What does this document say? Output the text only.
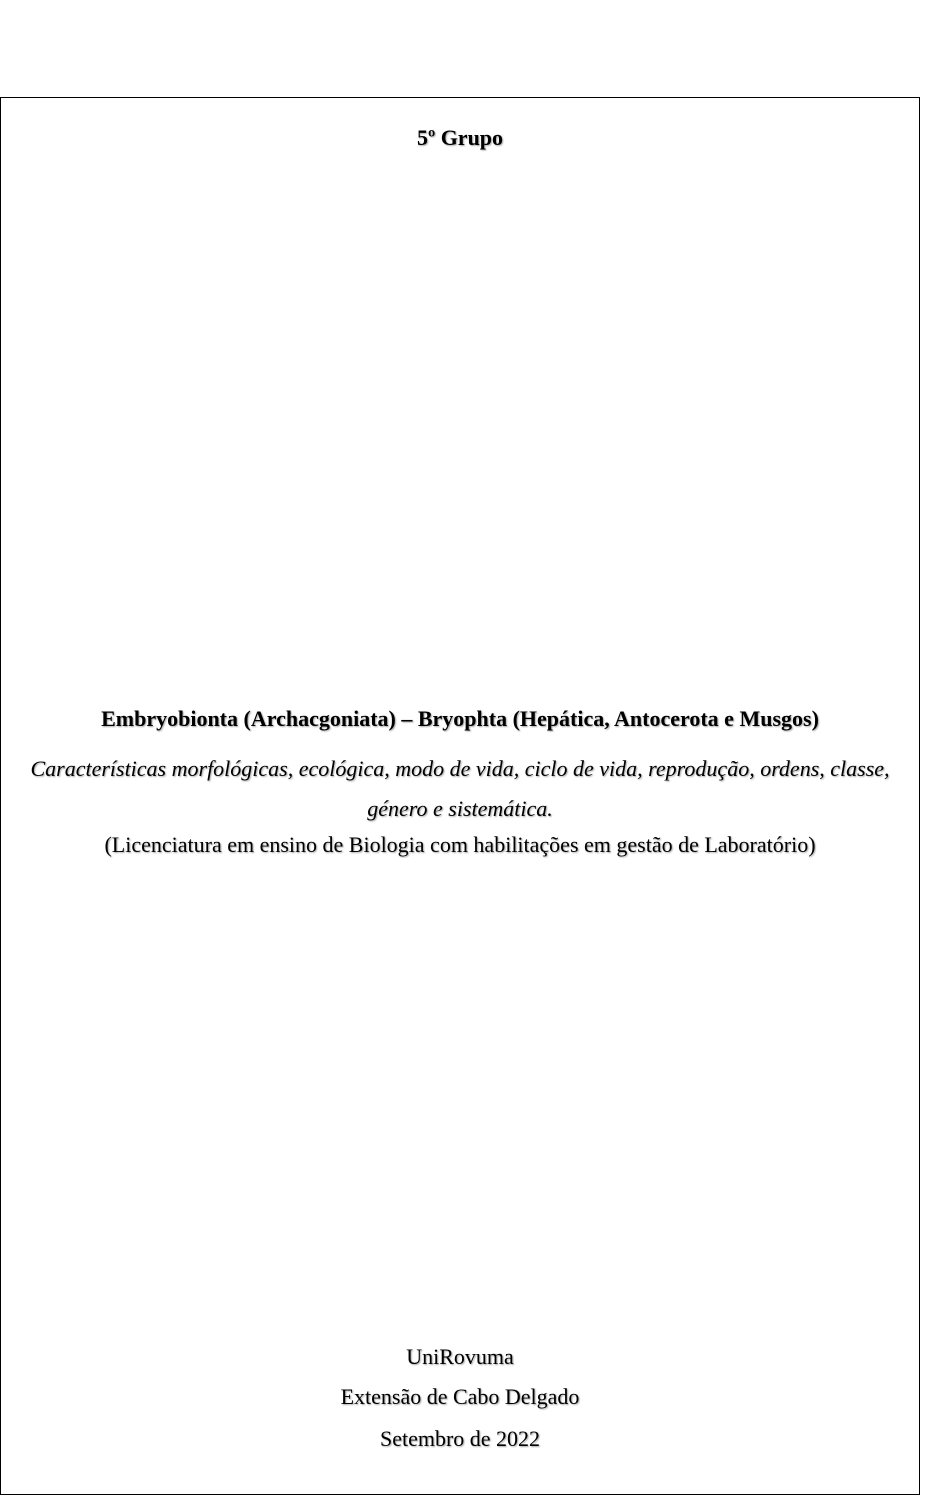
5º Grupo
Embryobionta (Archacgoniata) – Bryophta (Hepática, Antocerota e Musgos)
Características morfológicas, ecológica, modo de vida, ciclo de vida, reprodução, ordens, classe, género e sistemática.
(Licenciatura em ensino de Biologia com habilitações em gestão de Laboratório)
UniRovuma
Extensão de Cabo Delgado
Setembro de 2022
